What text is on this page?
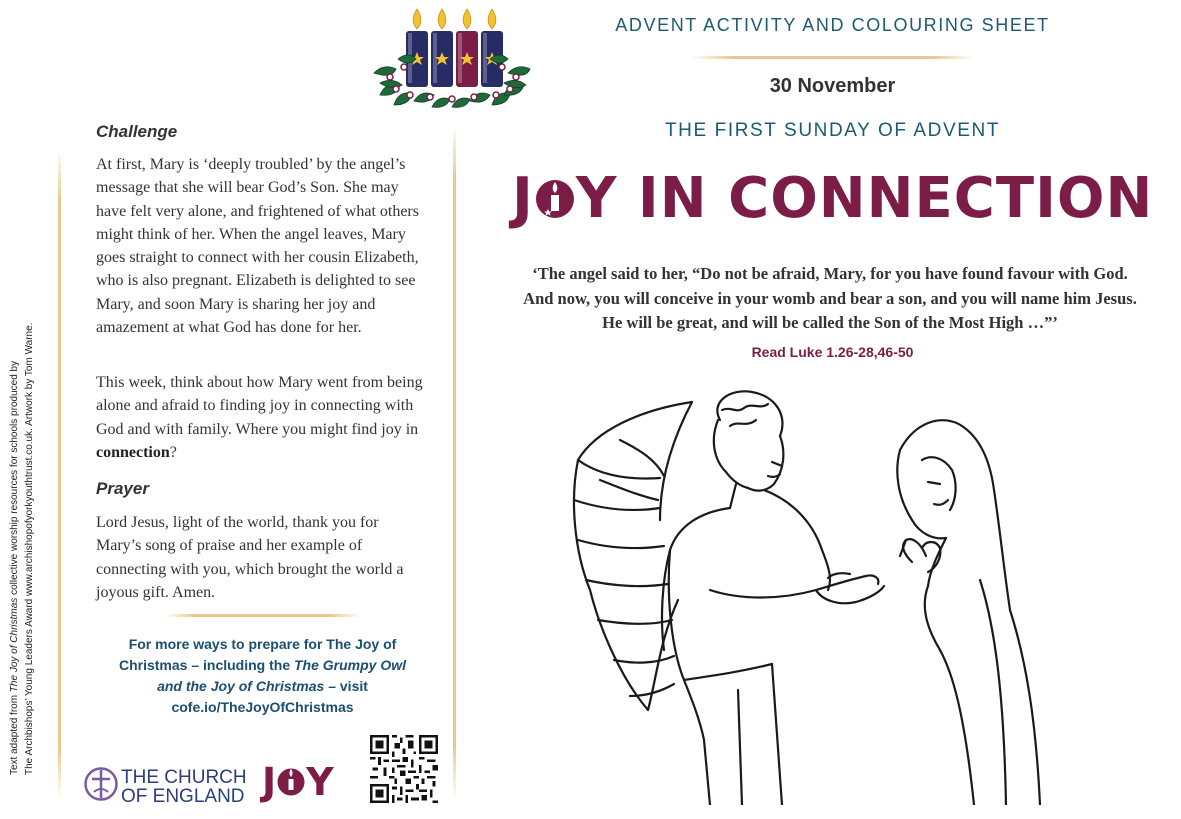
Text adapted from The Joy of Christmas collective worship resources for schools produced by The Archbishops’ Young Leaders Award www.archishopofyorkyouthtrust.co.uk. Artwork by Tom Warne.
ADVENT ACTIVITY AND COLOURING SHEET
30 November
THE FIRST SUNDAY OF ADVENT
J Y IN CONNECTION
‘The angel said to her, “Do not be afraid, Mary, for you have found favour with God.
And now, you will conceive in your womb and bear a son, and you will name him Jesus.
He will be great, and will be called the Son of the Most High …”’
Read Luke 1.26-28,46-50
Challenge
At first, Mary is ‘deeply troubled’ by the angel’s message that she will bear God’s Son. She may have felt very alone, and frightened of what others might think of her. When the angel leaves, Mary goes straight to connect with her cousin Elizabeth, who is also pregnant. Elizabeth is delighted to see Mary, and soon Mary is sharing her joy and amazement at what God has done for her.
This week, think about how Mary went from being alone and afraid to finding joy in connecting with God and with family. Where you might find joy in connection?
Prayer
Lord Jesus, light of the world, thank you for Mary’s song of praise and her example of connecting with you, which brought the world a joyous gift. Amen.
For more ways to prepare for The Joy of
Christmas – including the The Grumpy Owl
and the Joy of Christmas – visit
cofe.io/TheJoyOfChristmas
THE CHURCH
OF ENGLAND J Y
